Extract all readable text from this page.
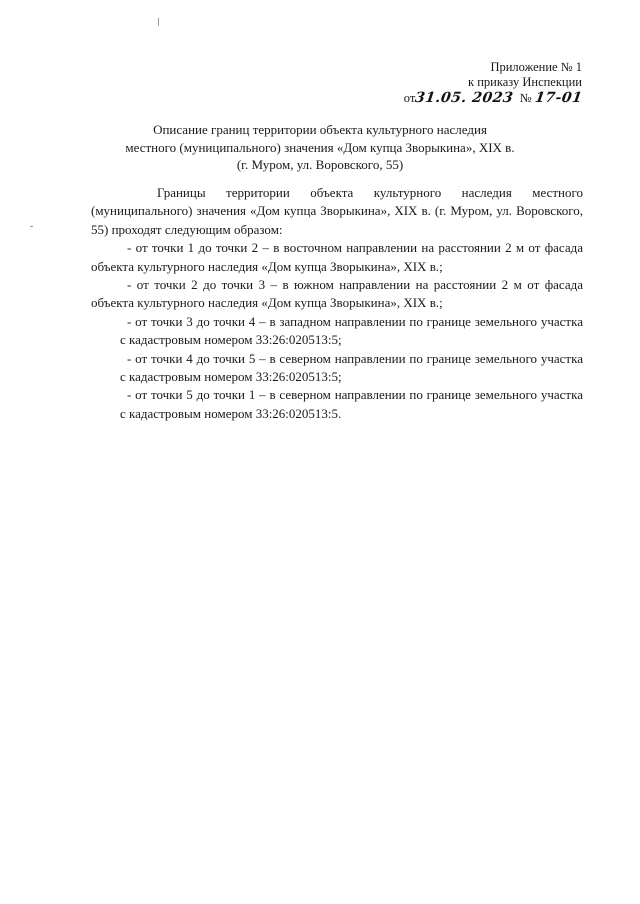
Приложение № 1
к приказу Инспекции
от31.05. 2023 № 17-01
Описание границ территории объекта культурного наследия
местного (муниципального) значения «Дом купца Зворыкина», XIX в.
(г. Муром, ул. Воровского, 55)

Границы территории объекта культурного наследия местного (муниципального) значения «Дом купца Зворыкина», XIX в. (г. Муром, ул. Воровского, 55) проходят следующим образом:

- от точки 1 до точки 2 – в восточном направлении на расстоянии 2 м от фасада объекта культурного наследия «Дом купца Зворыкина», XIX в.;

- от точки 2 до точки 3 – в южном направлении на расстоянии 2 м от фасада объекта культурного наследия «Дом купца Зворыкина», XIX в.;

- от точки 3 до точки 4 – в западном направлении по границе земельного участка с кадастровым номером 33:26:020513:5;

- от точки 4 до точки 5 – в северном направлении по границе земельного участка с кадастровым номером 33:26:020513:5;

- от точки 5 до точки 1 – в северном направлении по границе земельного участка с кадастровым номером 33:26:020513:5.
